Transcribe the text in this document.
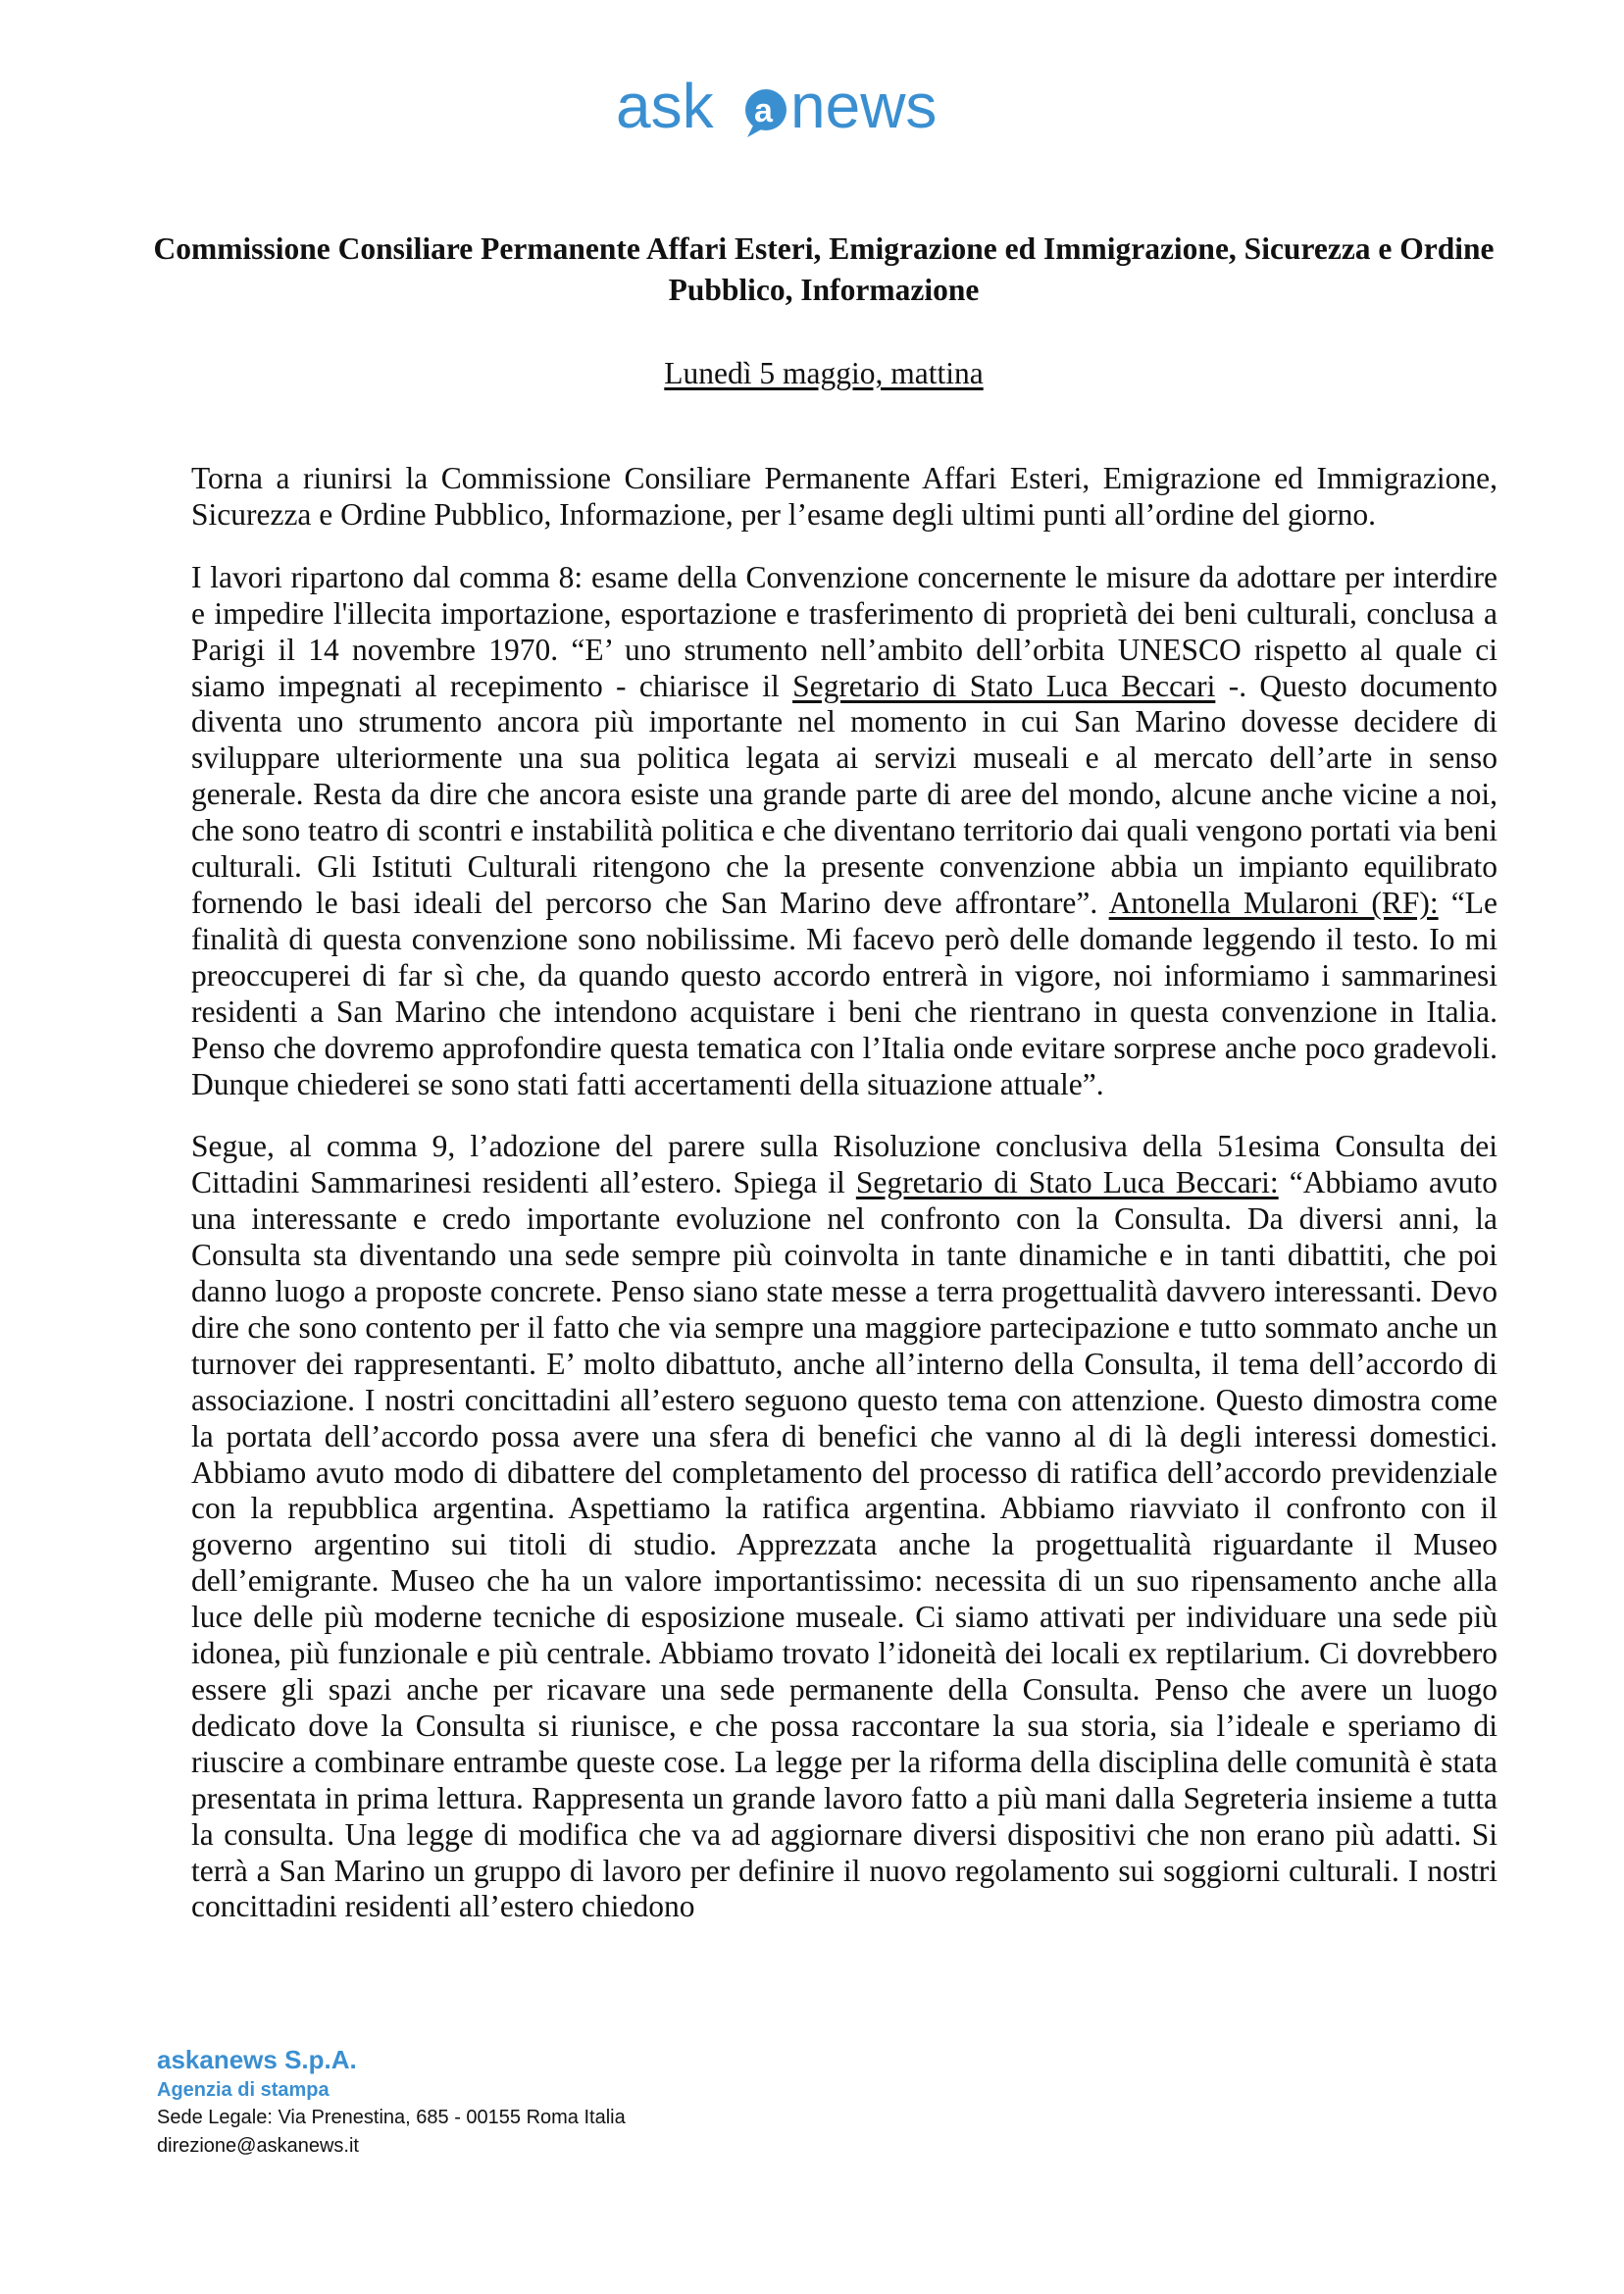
ask a news
Commissione Consiliare Permanente Affari Esteri, Emigrazione ed Immigrazione, Sicurezza e Ordine Pubblico, Informazione

Lunedì 5 maggio, mattina

Torna a riunirsi la Commissione Consiliare Permanente Affari Esteri, Emigrazione ed Immigrazione, Sicurezza e Ordine Pubblico, Informazione, per l’esame degli ultimi punti all’ordine del giorno.

I lavori ripartono dal comma 8: esame della Convenzione concernente le misure da adottare per interdire e impedire l'illecita importazione, esportazione e trasferimento di proprietà dei beni culturali, conclusa a Parigi il 14 novembre 1970. “E’ uno strumento nell’ambito dell’orbita UNESCO rispetto al quale ci siamo impegnati al recepimento - chiarisce il Segretario di Stato Luca Beccari -. Questo documento diventa uno strumento ancora più importante nel momento in cui San Marino dovesse decidere di sviluppare ulteriormente una sua politica legata ai servizi museali e al mercato dell’arte in senso generale. Resta da dire che ancora esiste una grande parte di aree del mondo, alcune anche vicine a noi, che sono teatro di scontri e instabilità politica e che diventano territorio dai quali vengono portati via beni culturali. Gli Istituti Culturali ritengono che la presente convenzione abbia un impianto equilibrato fornendo le basi ideali del percorso che San Marino deve affrontare”. Antonella Mularoni (RF): “Le finalità di questa convenzione sono nobilissime. Mi facevo però delle domande leggendo il testo. Io mi preoccuperei di far sì che, da quando questo accordo entrerà in vigore, noi informiamo i sammarinesi residenti a San Marino che intendono acquistare i beni che rientrano in questa convenzione in Italia. Penso che dovremo approfondire questa tematica con l’Italia onde evitare sorprese anche poco gradevoli. Dunque chiederei se sono stati fatti accertamenti della situazione attuale”.

Segue, al comma 9, l’adozione del parere sulla Risoluzione conclusiva della 51esima Consulta dei Cittadini Sammarinesi residenti all’estero. Spiega il Segretario di Stato Luca Beccari: “Abbiamo avuto una interessante e credo importante evoluzione nel confronto con la Consulta. Da diversi anni, la Consulta sta diventando una sede sempre più coinvolta in tante dinamiche e in tanti dibattiti, che poi danno luogo a proposte concrete. Penso siano state messe a terra progettualità davvero interessanti. Devo dire che sono contento per il fatto che via sempre una maggiore partecipazione e tutto sommato anche un turnover dei rappresentanti. E’ molto dibattuto, anche all’interno della Consulta, il tema dell’accordo di associazione. I nostri concittadini all’estero seguono questo tema con attenzione. Questo dimostra come la portata dell’accordo possa avere una sfera di benefici che vanno al di là degli interessi domestici. Abbiamo avuto modo di dibattere del completamento del processo di ratifica dell’accordo previdenziale con la repubblica argentina. Aspettiamo la ratifica argentina. Abbiamo riavviato il confronto con il governo argentino sui titoli di studio. Apprezzata anche la progettualità riguardante il Museo dell’emigrante. Museo che ha un valore importantissimo: necessita di un suo ripensamento anche alla luce delle più moderne tecniche di esposizione museale. Ci siamo attivati per individuare una sede più idonea, più funzionale e più centrale. Abbiamo trovato l’idoneità dei locali ex reptilarium. Ci dovrebbero essere gli spazi anche per ricavare una sede permanente della Consulta. Penso che avere un luogo dedicato dove la Consulta si riunisce, e che possa raccontare la sua storia, sia l’ideale e speriamo di riuscire a combinare entrambe queste cose. La legge per la riforma della disciplina delle comunità è stata presentata in prima lettura. Rappresenta un grande lavoro fatto a più mani dalla Segreteria insieme a tutta la consulta. Una legge di modifica che va ad aggiornare diversi dispositivi che non erano più adatti. Si terrà a San Marino un gruppo di lavoro per definire il nuovo regolamento sui soggiorni culturali. I nostri concittadini residenti all’estero chiedono

askanews S.p.A.
Agenzia di stampa
Sede Legale: Via Prenestina, 685 - 00155 Roma Italia
direzione@askanews.it
